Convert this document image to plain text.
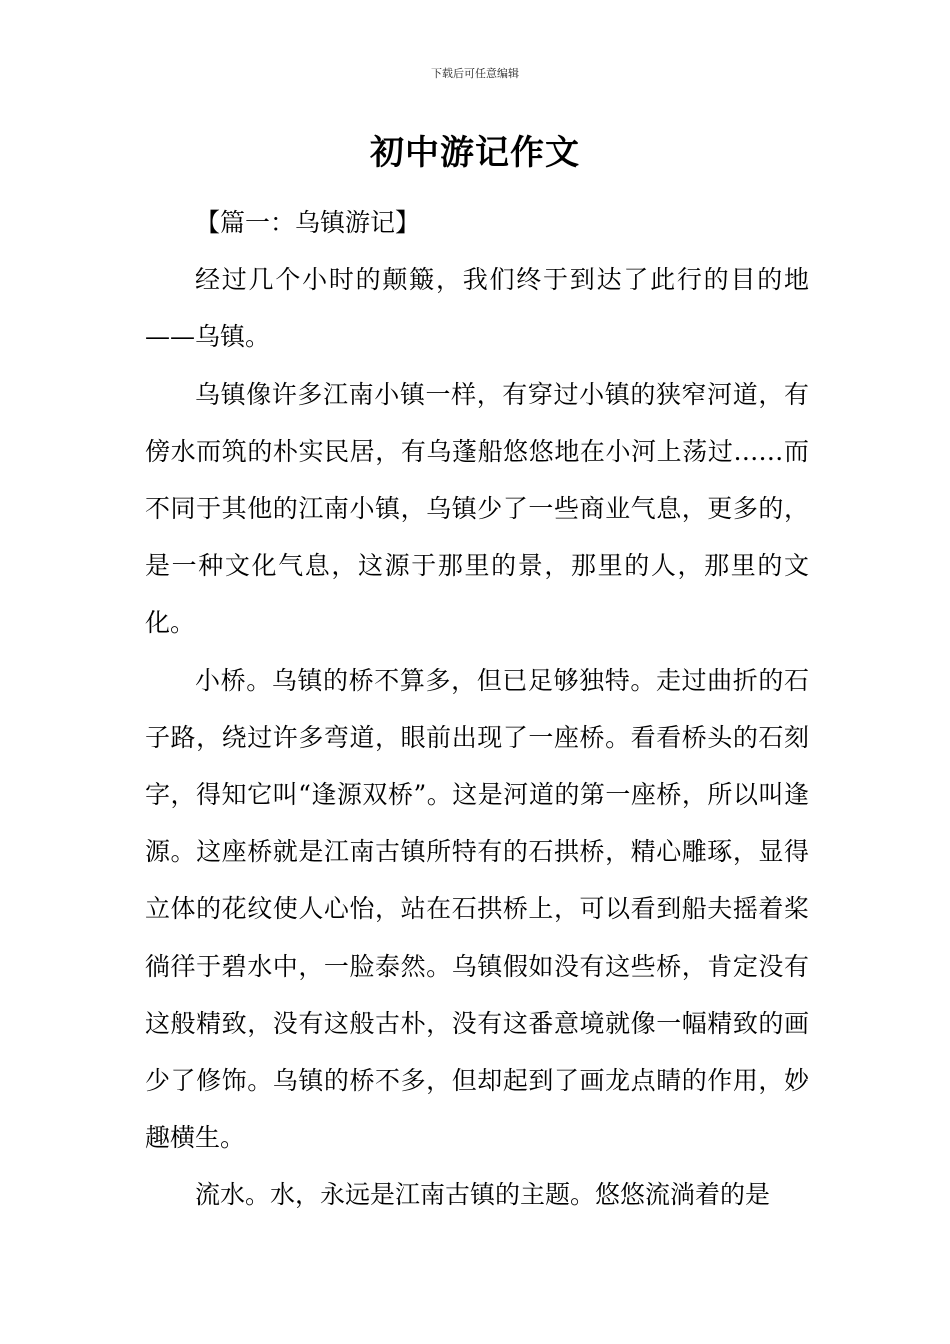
下载后可任意编辑
初中游记作文

【篇一：乌镇游记】

经过几个小时的颠簸，我们终于到达了此行的目的地——乌镇。

乌镇像许多江南小镇一样，有穿过小镇的狭窄河道，有傍水而筑的朴实民居，有乌蓬船悠悠地在小河上荡过……而不同于其他的江南小镇，乌镇少了一些商业气息，更多的，是一种文化气息，这源于那里的景，那里的人，那里的文化。

小桥。乌镇的桥不算多，但已足够独特。走过曲折的石子路，绕过许多弯道，眼前出现了一座桥。看看桥头的石刻字，得知它叫“逢源双桥”。这是河道的第一座桥，所以叫逢源。这座桥就是江南古镇所特有的石拱桥，精心雕琢，显得立体的花纹使人心怡，站在石拱桥上，可以看到船夫摇着桨徜徉于碧水中，一脸泰然。乌镇假如没有这些桥，肯定没有这般精致，没有这般古朴，没有这番意境就像一幅精致的画少了修饰。乌镇的桥不多，但却起到了画龙点睛的作用，妙趣横生。

流水。水，永远是江南古镇的主题。悠悠流淌着的是
